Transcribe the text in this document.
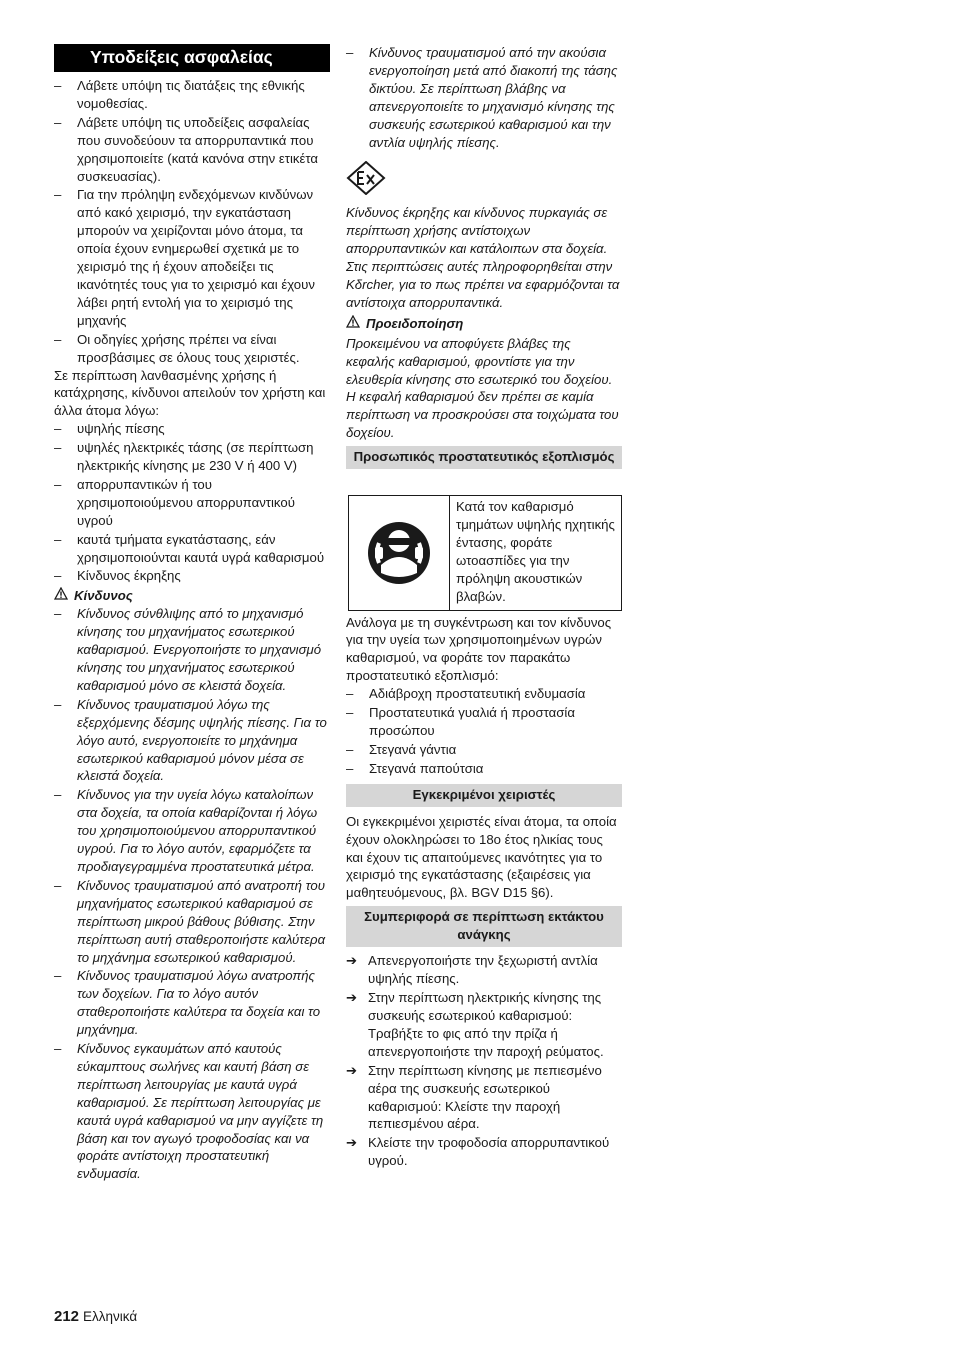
Υποδείξεις ασφαλείας
–	Λάβετε υπόψη τις διατάξεις της εθνικής νομοθεσίας.
–	Λάβετε υπόψη τις υποδείξεις ασφαλείας που συνοδεύουν τα απορρυπαντικά που χρησιμοποιείτε (κατά κανόνα στην ετικέτα συσκευασίας).
–	Για την πρόληψη ενδεχόμενων κινδύνων από κακό χειρισμό, την εγκατάσταση μπορούν να χειρίζονται μόνο άτομα, τα οποία έχουν ενημερωθεί σχετικά με το χειρισμό της ή έχουν αποδείξει τις ικανότητές τους για το χειρισμό και έχουν λάβει ρητή εντολή για το χειρισμό της μηχανής
–	Οι οδηγίες χρήσης πρέπει να είναι προσβάσιμες σε όλους τους χειριστές.

Σε περίπτωση λανθασμένης χρήσης ή κατάχρησης, κίνδυνοι απειλούν τον χρήστη και άλλα άτομα λόγω:

–	υψηλής πίεσης
–	υψηλές ηλεκτρικές τάσης (σε περίπτωση ηλεκτρικής κίνησης με 230 V ή 400 V)
–	απορρυπαντικών ή του χρησιμοποιούμενου απορρυπαντικού υγρού
–	καυτά τμήματα εγκατάστασης, εάν χρησιμοποιούνται καυτά υγρά καθαρισμού
–	Κίνδυνος έκρηξης
Κίνδυνος
–	Κίνδυνος σύνθλιψης από το μηχανισμό κίνησης του μηχανήματος εσωτερικού καθαρισμού. Ενεργοποιήστε το μηχανισμό κίνησης του μηχανήματος εσωτερικού καθαρισμού μόνο σε κλειστά δοχεία.
–	Κίνδυνος τραυματισμού λόγω της εξερχόμενης δέσμης υψηλής πίεσης. Για το λόγο αυτό, ενεργοποιείτε το μηχάνημα εσωτερικού καθαρισμού μόνον μέσα σε κλειστά δοχεία.
–	Κίνδυνος για την υγεία λόγω καταλοίπων στα δοχεία, τα οποία καθαρίζονται ή λόγω του χρησιμοποιούμενου απορρυπαντικού υγρού. Για το λόγο αυτόν, εφαρμόζετε τα προδιαγεγραμμένα προστατευτικά μέτρα.
–	Κίνδυνος τραυματισμού από ανατροπή του μηχανήματος εσωτερικού καθαρισμού σε περίπτωση μικρού βάθους βύθισης. Στην περίπτωση αυτή σταθεροποιήστε καλύτερα το μηχάνημα εσωτερικού καθαρισμού.
–	Κίνδυνος τραυματισμού λόγω ανατροπής των δοχείων. Για το λόγο αυτόν σταθεροποιήστε καλύτερα τα δοχεία και το μηχάνημα.
–	Κίνδυνος εγκαυμάτων από καυτούς εύκαμπτους σωλήνες και καυτή βάση σε περίπτωση λειτουργίας με καυτά υγρά καθαρισμού. Σε περίπτωση λειτουργίας με καυτά υγρά καθαρισμού να μην αγγίζετε τη βάση και τον αγωγό τροφοδοσίας και να φοράτε αντίστοιχη προστατευτική ενδυμασία.
–	Κίνδυνος τραυματισμού από την ακούσια ενεργοποίηση μετά από διακοπή της τάσης δικτύου. Σε περίπτωση βλάβης να απενεργοποιείτε το μηχανισμό κίνησης της συσκευής εσωτερικού καθαρισμού και την αντλία υψηλής πίεσης.

Κίνδυνος έκρηξης και κίνδυνος πυρκαγιάς σε περίπτωση χρήσης αντίστοιχων απορρυπαντικών και κατάλοιπων στα δοχεία. Στις περιπτώσεις αυτές πληροφορηθείται στην Kδrcher, για το πως πρέπει να εφαρμόζονται τα αντίστοιχα απορρυπαντικά.

Προειδοποίηση

Προκειμένου να αποφύγετε βλάβες της κεφαλής καθαρισμού, φροντίστε για την ελευθερία κίνησης στο εσωτερικό του δοχείου. Η κεφαλή καθαρισμού δεν πρέπει σε καμία περίπτωση να προσκρούσει στα τοιχώματα του δοχείου.

Προσωπικός προστατευτικός εξοπλισμός
Κατά τον καθαρισμό τμημάτων υψηλής ηχητικής έντασης, φοράτε ωτοασπίδες για την πρόληψη ακουστικών βλαβών.

Ανάλογα με τη συγκέντρωση και τον κίνδυνος για την υγεία των χρησιμοποιημένων υγρών καθαρισμού, να φοράτε τον παρακάτω προστατευτικό εξοπλισμό:

–	Αδιάβροχη προστατευτική ενδυμασία
–	Προστατευτικά γυαλιά ή προστασία προσώπου
–	Στεγανά γάντια
–	Στεγανά παπούτσια
Εγκεκριμένοι χειριστές

Οι εγκεκριμένοι χειριστές είναι άτομα, τα οποία έχουν ολοκληρώσει το 18ο έτος ηλικίας τους και έχουν τις απαιτούμενες ικανότητες για το χειρισμό της εγκατάστασης (εξαιρέσεις για μαθητευόμενους, βλ. BGV D15 §6).

Συμπεριφορά σε περίπτωση εκτάκτου ανάγκης
➔ Απενεργοποιήστε την ξεχωριστή αντλία υψηλής πίεσης.
➔ Στην περίπτωση ηλεκτρικής κίνησης της συσκευής εσωτερικού καθαρισμού: Τραβήξτε το φις από την πρίζα ή απενεργοποιήστε την παροχή ρεύματος.
➔ Στην περίπτωση κίνησης με πεπιεσμένο αέρα της συσκευής εσωτερικού καθαρισμού: Κλείστε την παροχή πεπιεσμένου αέρα.
➔ Κλείστε την τροφοδοσία απορρυπαντικού υγρού.
212 Ελληνικά
